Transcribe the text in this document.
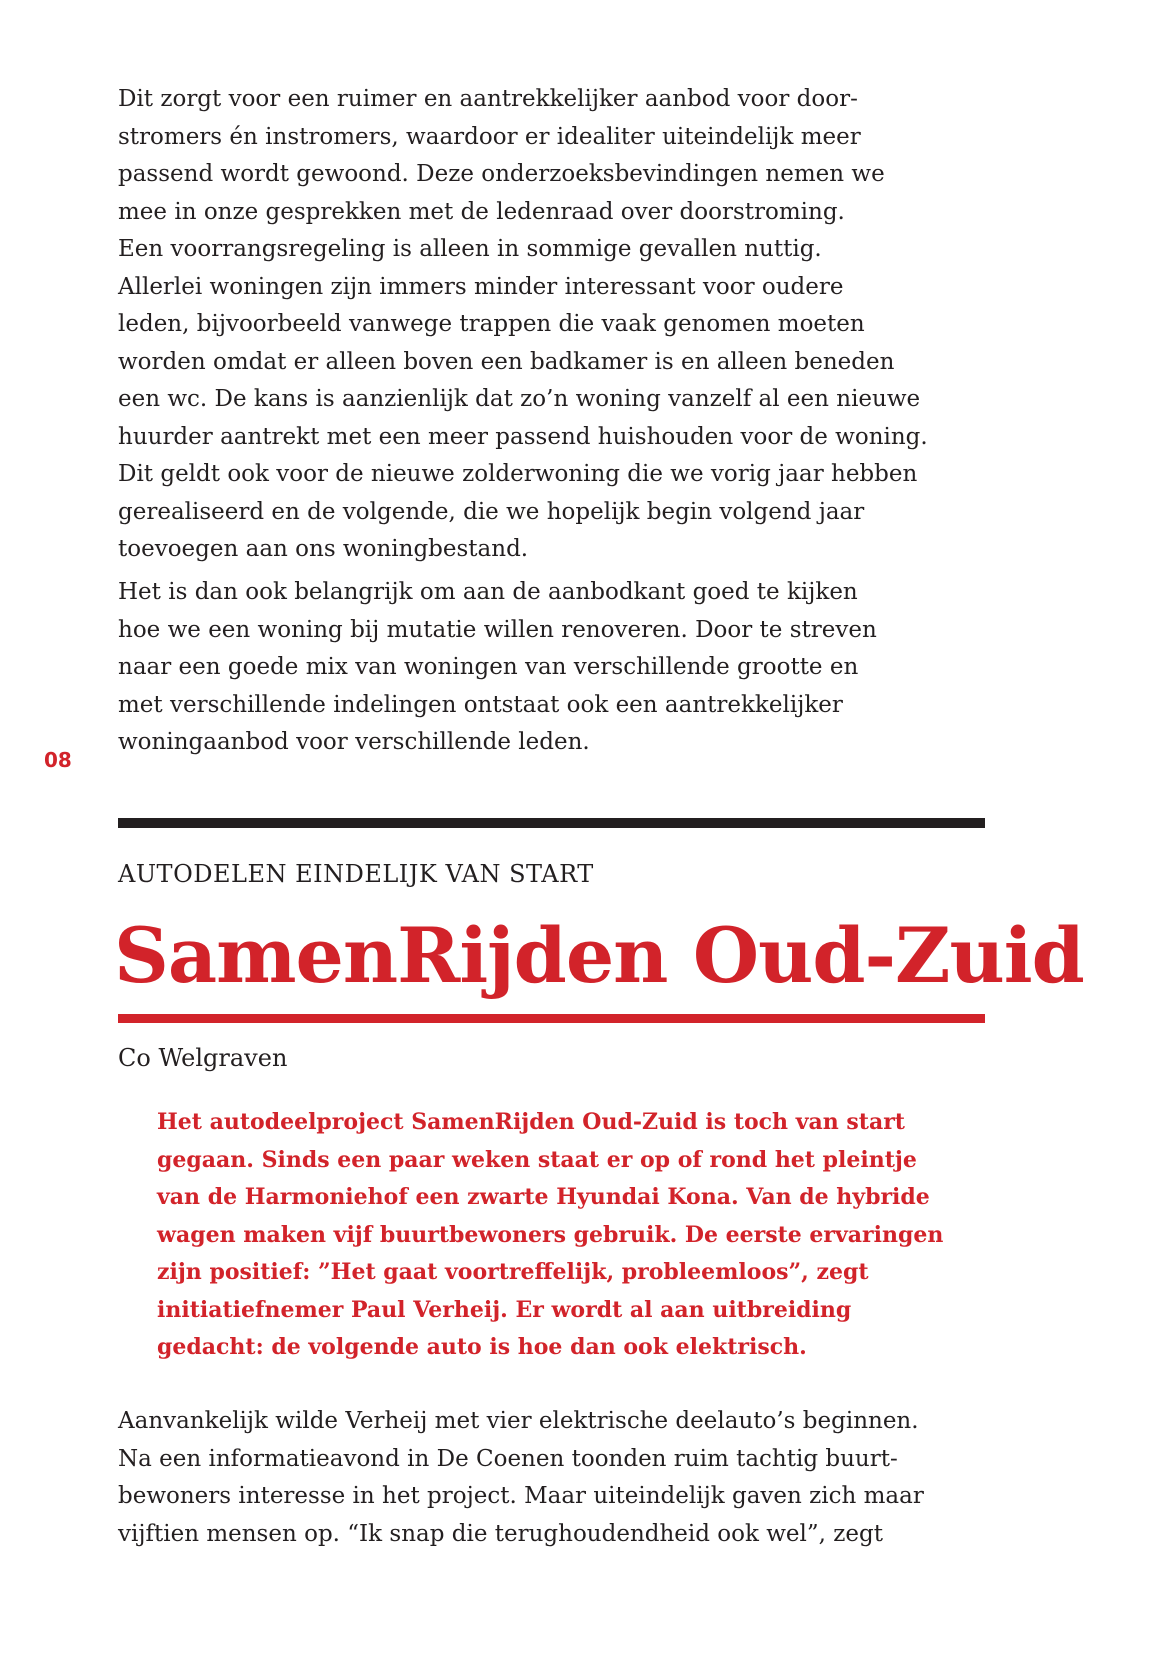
Dit zorgt voor een ruimer en aantrekkelijker aanbod voor door-
stromers én instromers, waardoor er idealiter uiteindelijk meer
passend wordt gewoond. Deze onderzoeksbevindingen nemen we
mee in onze gesprekken met de ledenraad over doorstroming.
Een voorrangsregeling is alleen in sommige gevallen nuttig.
Allerlei woningen zijn immers minder interessant voor oudere
leden, bijvoorbeeld vanwege trappen die vaak genomen moeten
worden omdat er alleen boven een badkamer is en alleen beneden
een wc. De kans is aanzienlijk dat zo’n woning vanzelf al een nieuwe
huurder aantrekt met een meer passend huishouden voor de woning.
Dit geldt ook voor de nieuwe zolderwoning die we vorig jaar hebben
gerealiseerd en de volgende, die we hopelijk begin volgend jaar
toevoegen aan ons woningbestand.
Het is dan ook belangrijk om aan de aanbodkant goed te kijken
hoe we een woning bij mutatie willen renoveren. Door te streven
naar een goede mix van woningen van verschillende grootte en
met verschillende indelingen ontstaat ook een aantrekkelijker
woningaanbod voor verschillende leden.
08
AUTODELEN EINDELIJK VAN START
SamenRijden Oud-Zuid
Co Welgraven
Het autodeelproject SamenRijden Oud-Zuid is toch van start
gegaan. Sinds een paar weken staat er op of rond het pleintje
van de Harmoniehof een zwarte Hyundai Kona. Van de hybride
wagen maken vijf buurtbewoners gebruik. De eerste ervaringen
zijn positief: ”Het gaat voortreffelijk, probleemloos”, zegt
initiatiefnemer Paul Verheij. Er wordt al aan uitbreiding
gedacht: de volgende auto is hoe dan ook elektrisch.
Aanvankelijk wilde Verheij met vier elektrische deelauto’s beginnen.
Na een informatieavond in De Coenen toonden ruim tachtig buurt-
bewoners interesse in het project. Maar uiteindelijk gaven zich maar
vijftien mensen op. “Ik snap die terughoudendheid ook wel”, zegt
